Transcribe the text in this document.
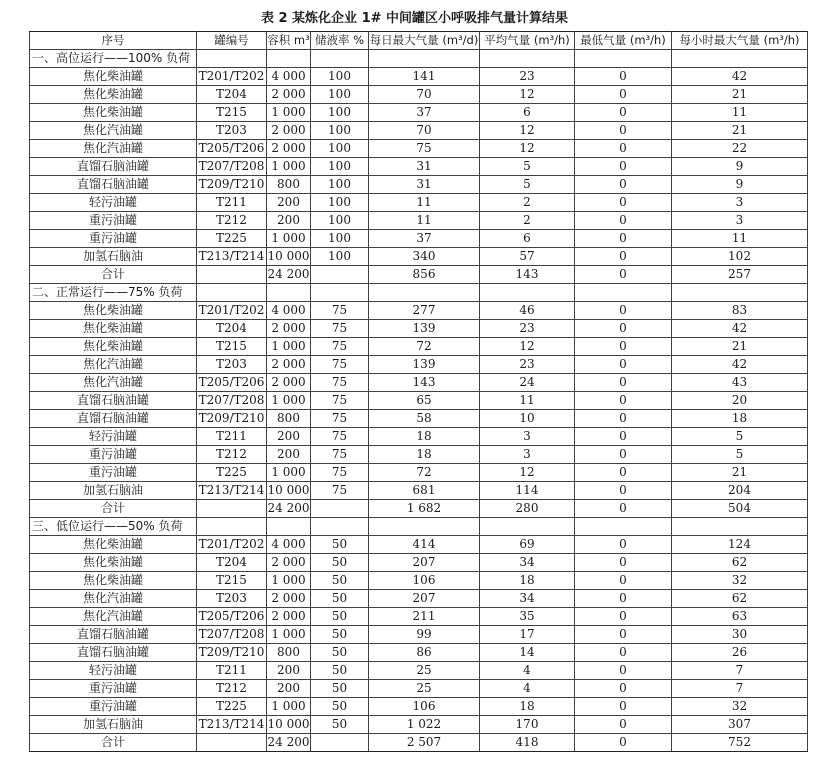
表 2 某炼化企业 1# 中间罐区小呼吸排气量计算结果
序号	罐编号	容积 m³	储液率 %	每日最大气量 (m³/d)	平均气量 (m³/h)	最低气量 (m³/h)	每小时最大气量 (m³/h)
一、高位运行——100% 负荷							
焦化柴油罐	T201/T202	4 000	100	141	23	0	42
焦化柴油罐	T204	2 000	100	70	12	0	21
焦化柴油罐	T215	1 000	100	37	6	0	11
焦化汽油罐	T203	2 000	100	70	12	0	21
焦化汽油罐	T205/T206	2 000	100	75	12	0	22
直馏石脑油罐	T207/T208	1 000	100	31	5	0	9
直馏石脑油罐	T209/T210	800	100	31	5	0	9
轻污油罐	T211	200	100	11	2	0	3
重污油罐	T212	200	100	11	2	0	3
重污油罐	T225	1 000	100	37	6	0	11
加氢石脑油	T213/T214	10 000	100	340	57	0	102
合计		24 200		856	143	0	257
二、正常运行——75% 负荷							
焦化柴油罐	T201/T202	4 000	75	277	46	0	83
焦化柴油罐	T204	2 000	75	139	23	0	42
焦化柴油罐	T215	1 000	75	72	12	0	21
焦化汽油罐	T203	2 000	75	139	23	0	42
焦化汽油罐	T205/T206	2 000	75	143	24	0	43
直馏石脑油罐	T207/T208	1 000	75	65	11	0	20
直馏石脑油罐	T209/T210	800	75	58	10	0	18
轻污油罐	T211	200	75	18	3	0	5
重污油罐	T212	200	75	18	3	0	5
重污油罐	T225	1 000	75	72	12	0	21
加氢石脑油	T213/T214	10 000	75	681	114	0	204
合计		24 200		1 682	280	0	504
三、低位运行——50% 负荷							
焦化柴油罐	T201/T202	4 000	50	414	69	0	124
焦化柴油罐	T204	2 000	50	207	34	0	62
焦化柴油罐	T215	1 000	50	106	18	0	32
焦化汽油罐	T203	2 000	50	207	34	0	62
焦化汽油罐	T205/T206	2 000	50	211	35	0	63
直馏石脑油罐	T207/T208	1 000	50	99	17	0	30
直馏石脑油罐	T209/T210	800	50	86	14	0	26
轻污油罐	T211	200	50	25	4	0	7
重污油罐	T212	200	50	25	4	0	7
重污油罐	T225	1 000	50	106	18	0	32
加氢石脑油	T213/T214	10 000	50	1 022	170	0	307
合计		24 200		2 507	418	0	752
